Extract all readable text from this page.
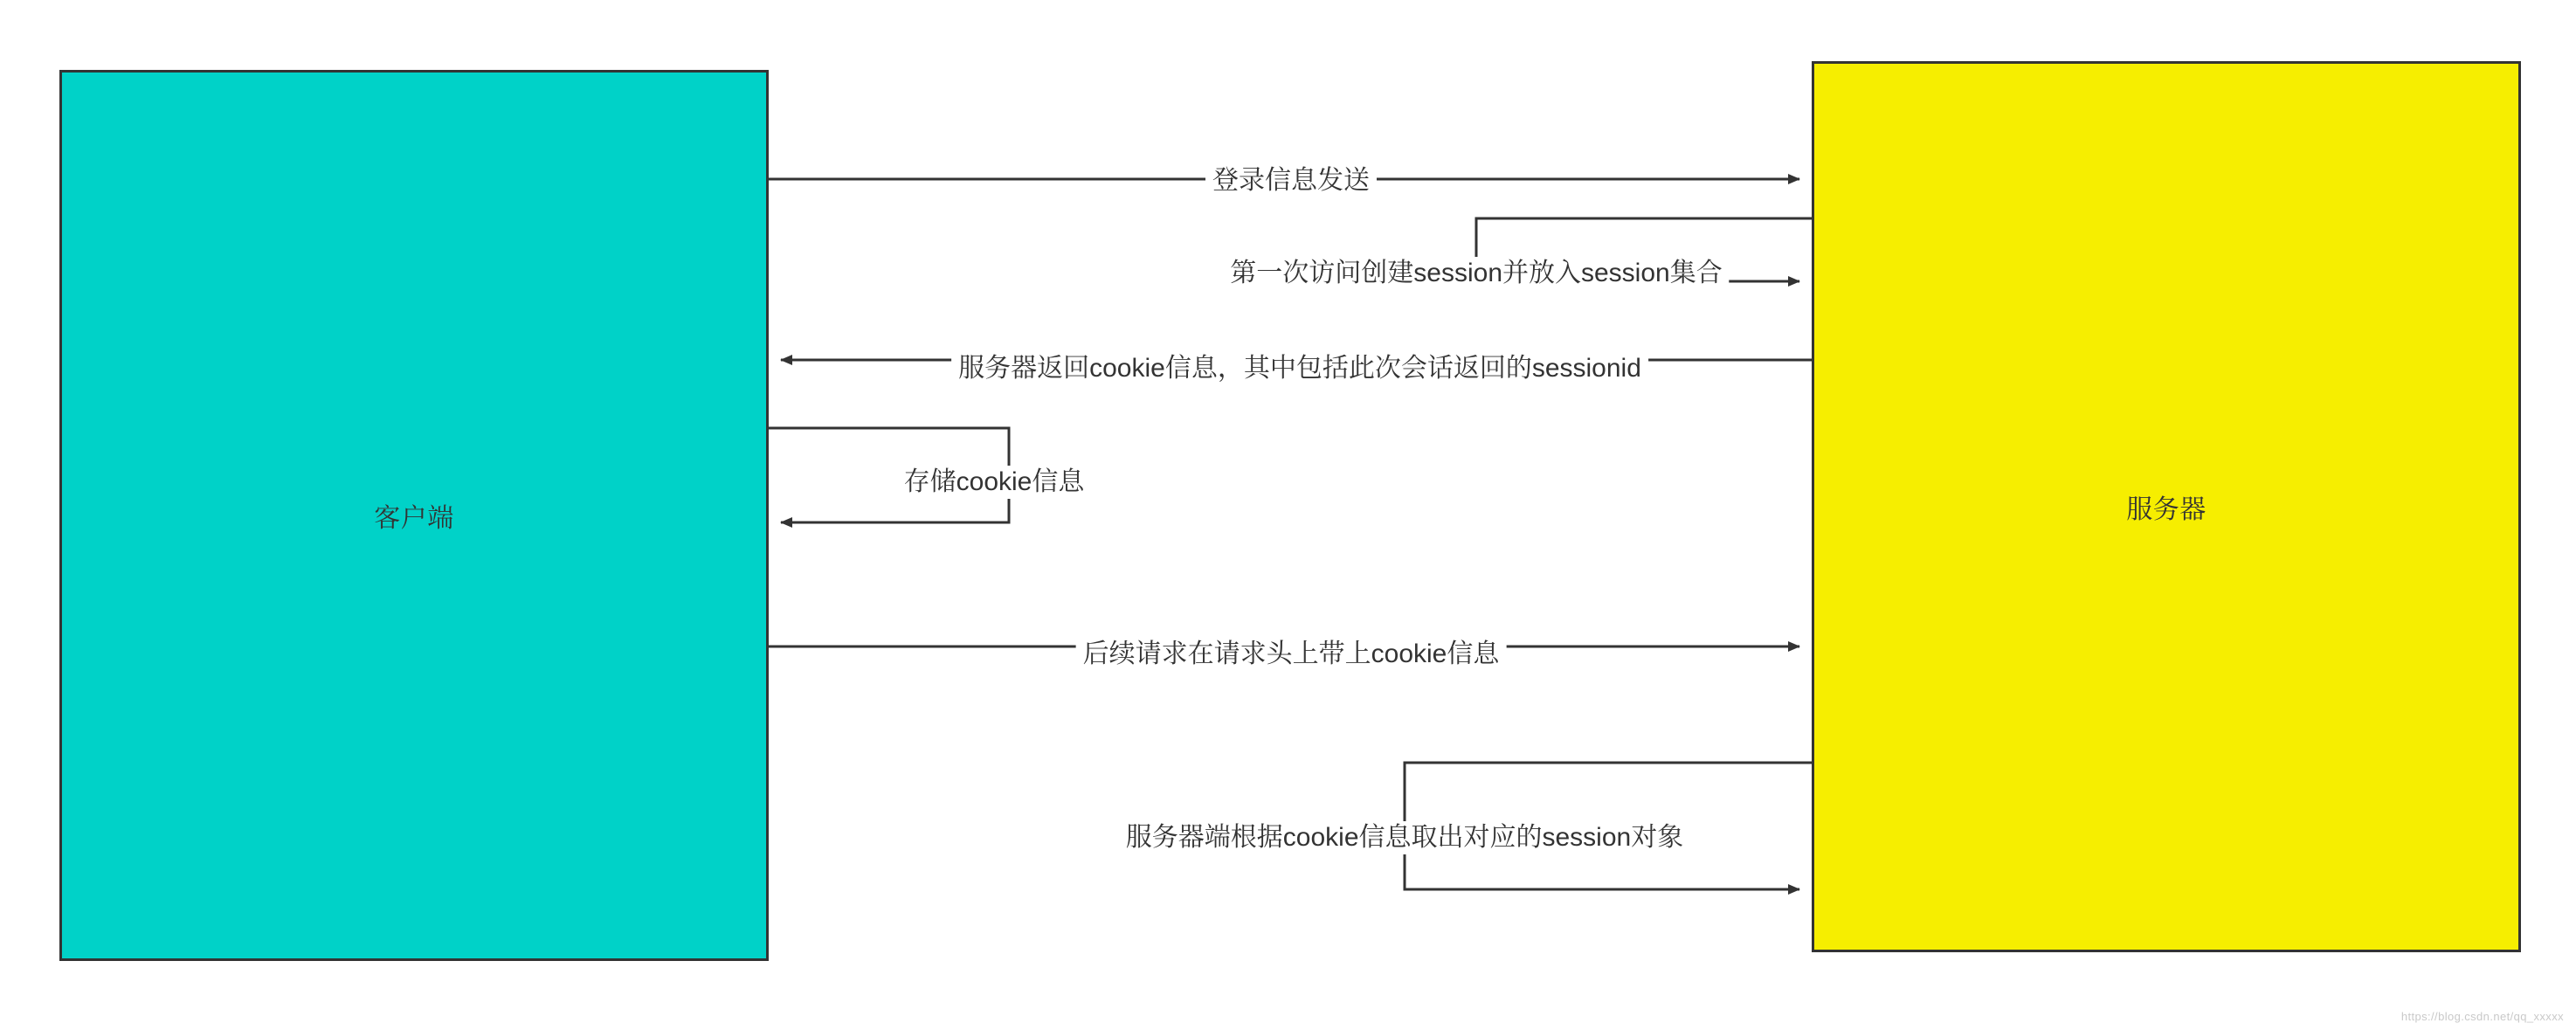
客户端	服务器
登录信息发送
第一次访问创建session并放入session集合
服务器返回cookie信息，其中包括此次会话返回的sessionid
存储cookie信息
后续请求在请求头上带上cookie信息
服务器端根据cookie信息取出对应的session对象
https://blog.csdn.net/qq_xxxxx
